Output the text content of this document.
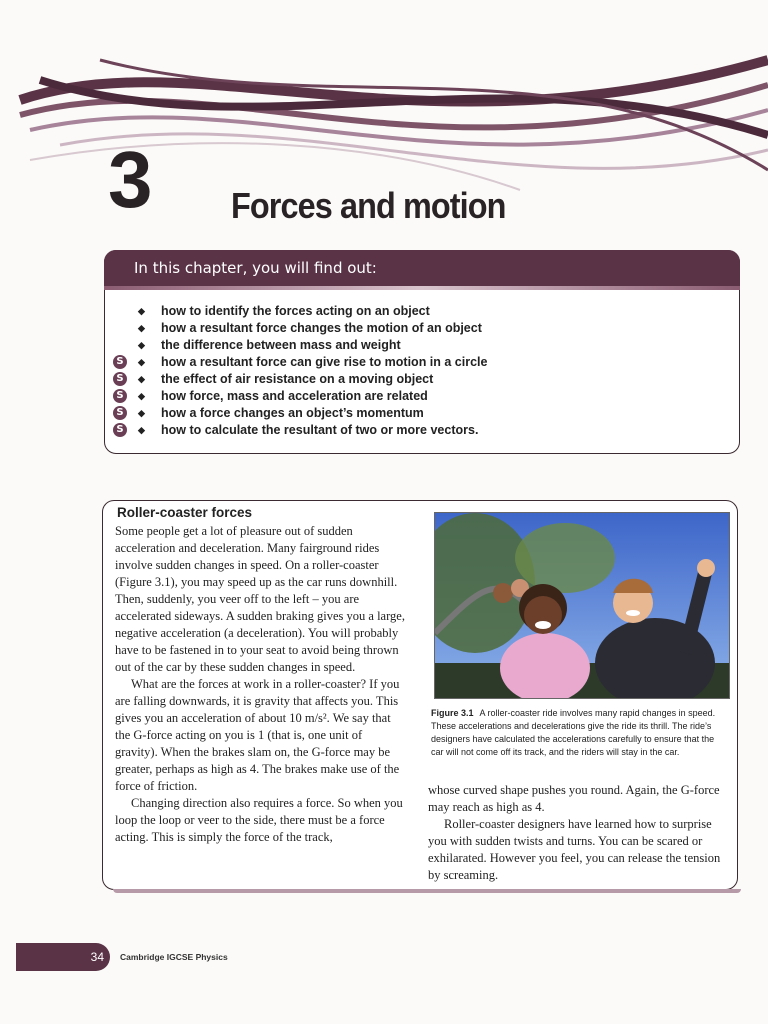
3 Forces and motion
In this chapter, you will find out:
◆ how to identify the forces acting on an object
◆ how a resultant force changes the motion of an object
◆ the difference between mass and weight
S	◆ how a resultant force can give rise to motion in a circle
S	◆ the effect of air resistance on a moving object
S	◆ how force, mass and acceleration are related
S	◆ how a force changes an object’s momentum
S	◆ how to calculate the resultant of two or more vectors.
Roller-coaster forces

Some people get a lot of pleasure out of sudden acceleration and deceleration. Many fairground rides involve sudden changes in speed. On a roller-coaster (Figure 3.1), you may speed up as the car runs downhill. Then, suddenly, you veer off to the left – you are accelerated sideways. A sudden braking gives you a large, negative acceleration (a deceleration). You will probably have to be fastened in to your seat to avoid being thrown out of the car by these sudden changes in speed.

What are the forces at work in a roller-coaster? If you are falling downwards, it is gravity that affects you. This gives you an acceleration of about 10 m/s². We say that the G-force acting on you is 1 (that is, one unit of gravity). When the brakes slam on, the G-force may be greater, perhaps as high as 4. The brakes make use of the force of friction.

Changing direction also requires a force. So when you loop the loop or veer to the side, there must be a force acting. This is simply the force of the track,

Figure 3.1 A roller-coaster ride involves many rapid changes in speed. These accelerations and decelerations give the ride its thrill. The ride’s designers have calculated the accelerations carefully to ensure that the car will not come off its track, and the riders will stay in the car.

whose curved shape pushes you round. Again, the G-force may reach as high as 4.

Roller-coaster designers have learned how to surprise you with sudden twists and turns. You can be scared or exhilarated. However you feel, you can release the tension by screaming.

34	Cambridge IGCSE Physics
